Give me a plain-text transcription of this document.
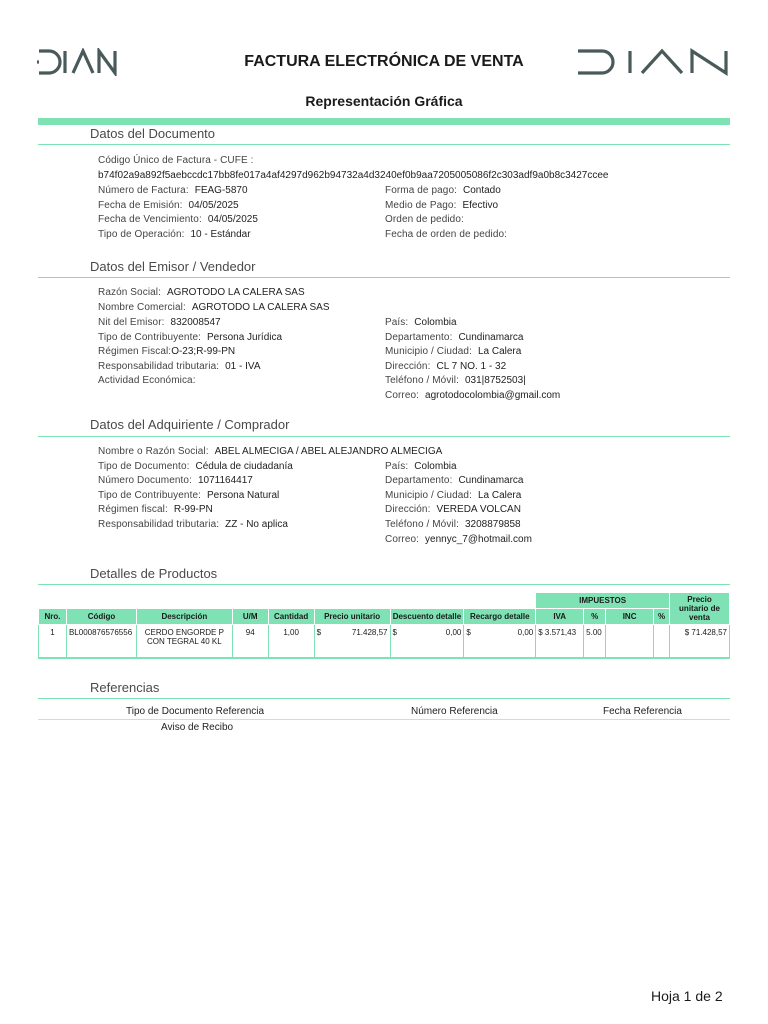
FACTURA ELECTRÓNICA DE VENTA
Representación Gráfica
Datos del Documento
Código Único de Factura - CUFE :
b74f02a9a892f5aebccdc17bb8fe017a4af4297d962b94732a4d3240ef0b9aa7205005086f2c303adf9a0b8c3427ccee
Número de Factura: FEAG-5870
Fecha de Emisión: 04/05/2025
Fecha de Vencimiento: 04/05/2025
Tipo de Operación: 10 - Estándar
Forma de pago: Contado
Medio de Pago: Efectivo
Orden de pedido:
Fecha de orden de pedido:
Datos del Emisor / Vendedor
Razón Social: AGROTODO LA CALERA SAS
Nombre Comercial: AGROTODO LA CALERA SAS
Nit del Emisor: 832008547
Tipo de Contribuyente: Persona Jurídica
Régimen Fiscal:O-23;R-99-PN
Responsabilidad tributaria: 01 - IVA
Actividad Económica:
País: Colombia
Departamento: Cundinamarca
Municipio / Ciudad: La Calera
Dirección: CL 7 NO. 1 - 32
Teléfono / Móvil: 031|8752503|
Correo: agrotodocolombia@gmail.com
Datos del Adquiriente / Comprador
Nombre o Razón Social: ABEL ALMECIGA / ABEL ALEJANDRO ALMECIGA
Tipo de Documento: Cédula de ciudadanía
Número Documento: 1071164417
Tipo de Contribuyente: Persona Natural
Régimen fiscal: R-99-PN
Responsabilidad tributaria: ZZ - No aplica
País: Colombia
Departamento: Cundinamarca
Municipio / Ciudad: La Calera
Dirección: VEREDA VOLCAN
Teléfono / Móvil: 3208879858
Correo: yennyc_7@hotmail.com
Detalles de Productos
								IMPUESTOS				Precio unitario de venta
Nro.	Código	Descripción	U/M	Cantidad	Precio unitario	Descuento detalle	Recargo detalle	IVA	%	INC	%	
1	BL000876576556	CERDO ENGORDE P CON TEGRAL 40 KL	94	1,00	$ 71.428,57	$ 0,00	$ 0,00	$ 3.571,43	5.00			$ 71.428,57

Referencias
Tipo de Documento Referencia	Número Referencia	Fecha Referencia
Aviso de Recibo
Hoja 1 de 2
